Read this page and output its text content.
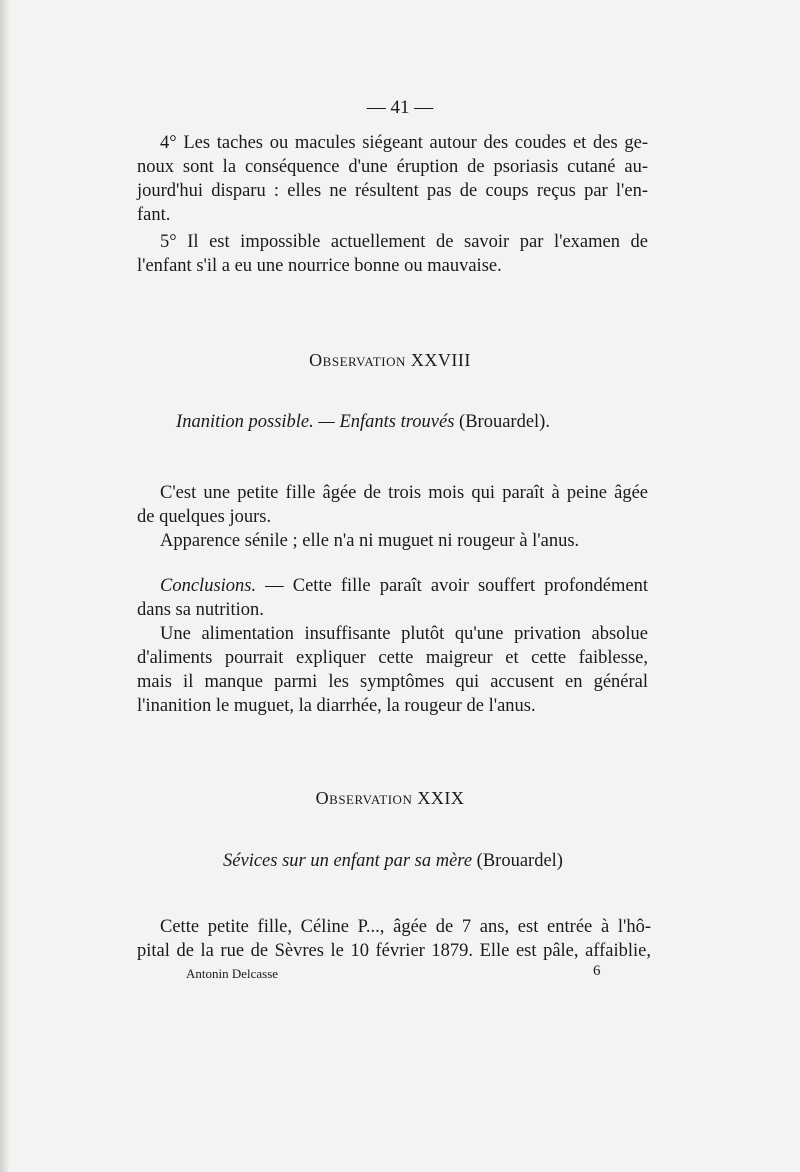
— 41 —
4° Les taches ou macules siégeant autour des coudes et des ge-
noux sont la conséquence d'une éruption de psoriasis cutané au-
jourd'hui disparu : elles ne résultent pas de coups reçus par l'en-
fant.
5° Il est impossible actuellement de savoir par l'examen de
l'enfant s'il a eu une nourrice bonne ou mauvaise.
Observation XXVIII
Inanition possible. — Enfants trouvés (Brouardel).
C'est une petite fille âgée de trois mois qui paraît à peine âgée
de quelques jours.
Apparence sénile ; elle n'a ni muguet ni rougeur à l'anus.
Conclusions. — Cette fille paraît avoir souffert profondément
dans sa nutrition.
Une alimentation insuffisante plutôt qu'une privation absolue
d'aliments pourrait expliquer cette maigreur et cette faiblesse,
mais il manque parmi les symptômes qui accusent en général
l'inanition le muguet, la diarrhée, la rougeur de l'anus.
Observation XXIX
Sévices sur un enfant par sa mère (Brouardel)
Cette petite fille, Céline P..., âgée de 7 ans, est entrée à l'hô-
pital de la rue de Sèvres le 10 février 1879. Elle est pâle, affaiblie,
Antonin Delcasse	6
